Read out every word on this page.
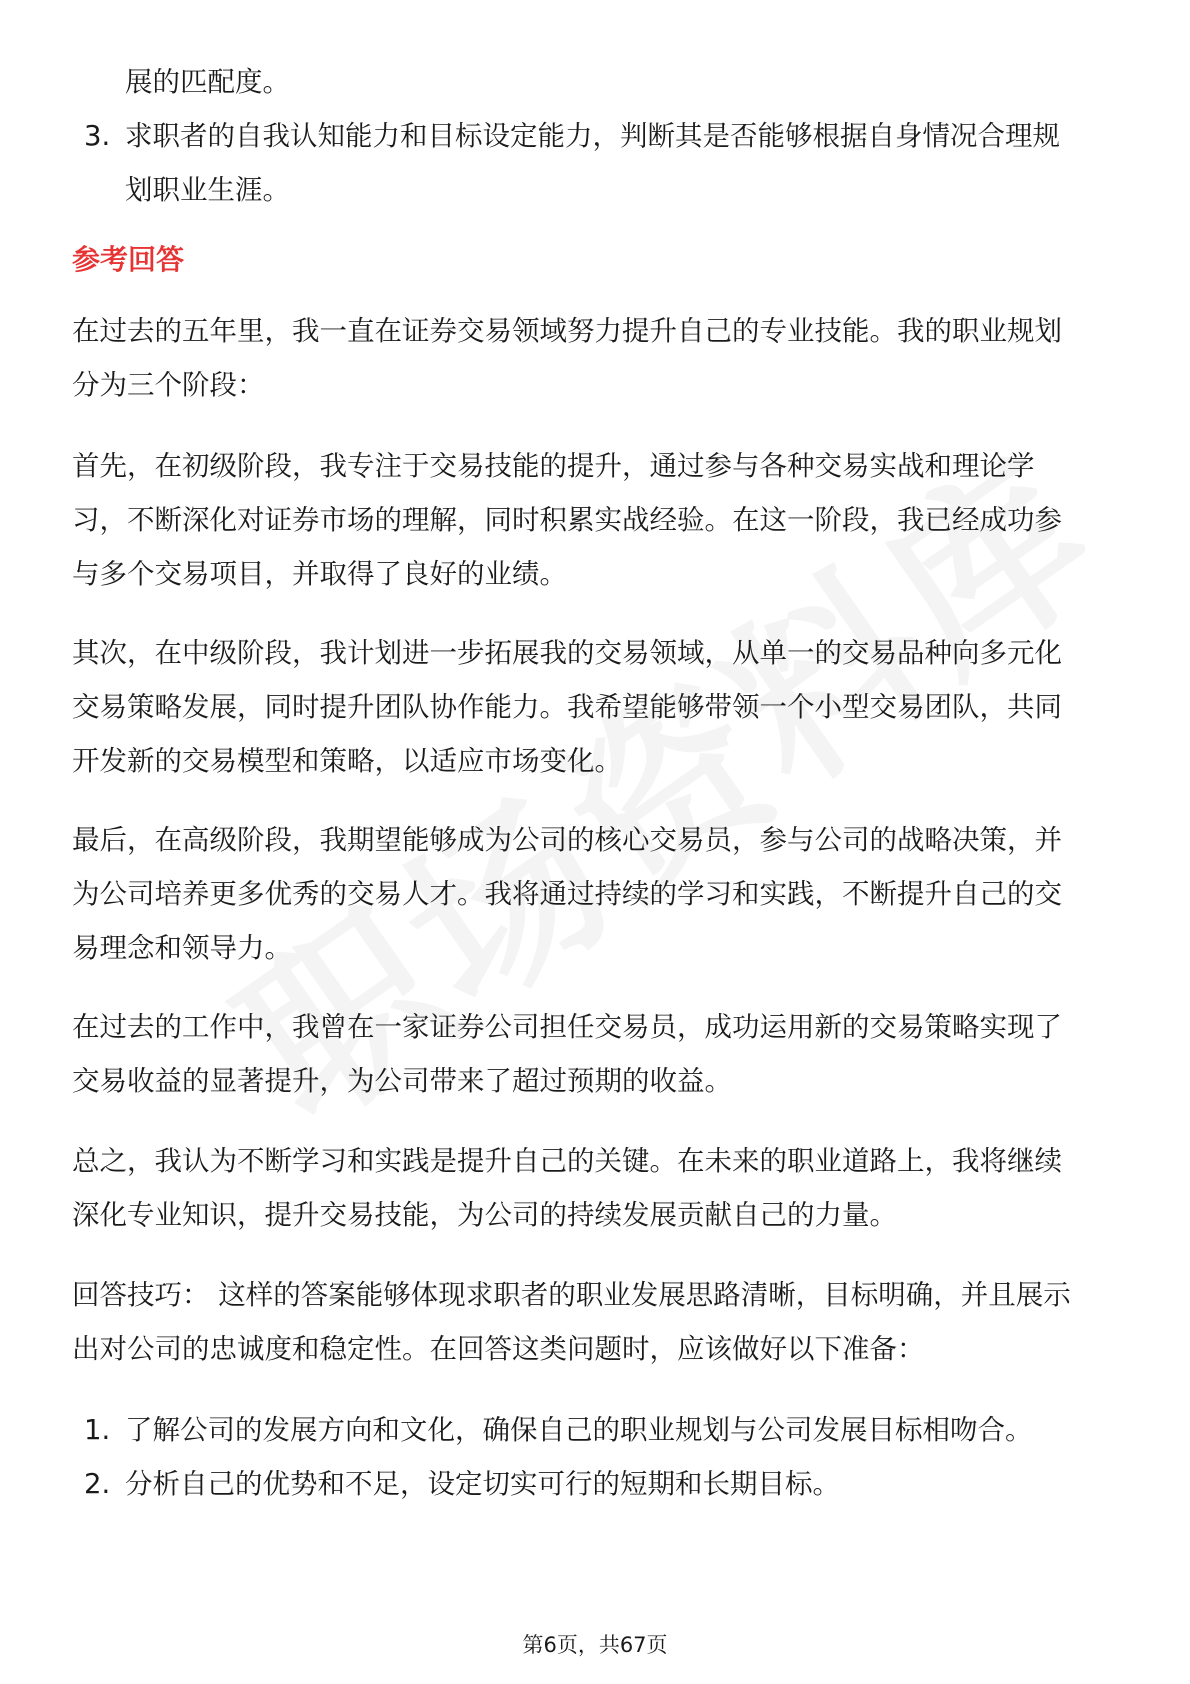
展的匹配度。
3. 求职者的自我认知能力和目标设定能力，判断其是否能够根据自身情况合理规
划职业生涯。
参考回答
在过去的五年里，我一直在证券交易领域努力提升自己的专业技能。我的职业规划
分为三个阶段：
首先，在初级阶段，我专注于交易技能的提升，通过参与各种交易实战和理论学
习，不断深化对证券市场的理解，同时积累实战经验。在这一阶段，我已经成功参
与多个交易项目，并取得了良好的业绩。
其次，在中级阶段，我计划进一步拓展我的交易领域，从单一的交易品种向多元化
交易策略发展，同时提升团队协作能力。我希望能够带领一个小型交易团队，共同
开发新的交易模型和策略，以适应市场变化。
最后，在高级阶段，我期望能够成为公司的核心交易员，参与公司的战略决策，并
为公司培养更多优秀的交易人才。我将通过持续的学习和实践，不断提升自己的交
易理念和领导力。
在过去的工作中，我曾在一家证券公司担任交易员，成功运用新的交易策略实现了
交易收益的显著提升，为公司带来了超过预期的收益。
总之，我认为不断学习和实践是提升自己的关键。在未来的职业道路上，我将继续
深化专业知识，提升交易技能，为公司的持续发展贡献自己的力量。
回答技巧： 这样的答案能够体现求职者的职业发展思路清晰，目标明确，并且展示
出对公司的忠诚度和稳定性。在回答这类问题时，应该做好以下准备：
1. 了解公司的发展方向和文化，确保自己的职业规划与公司发展目标相吻合。
2. 分析自己的优势和不足，设定切实可行的短期和长期目标。
第6页，共67页
